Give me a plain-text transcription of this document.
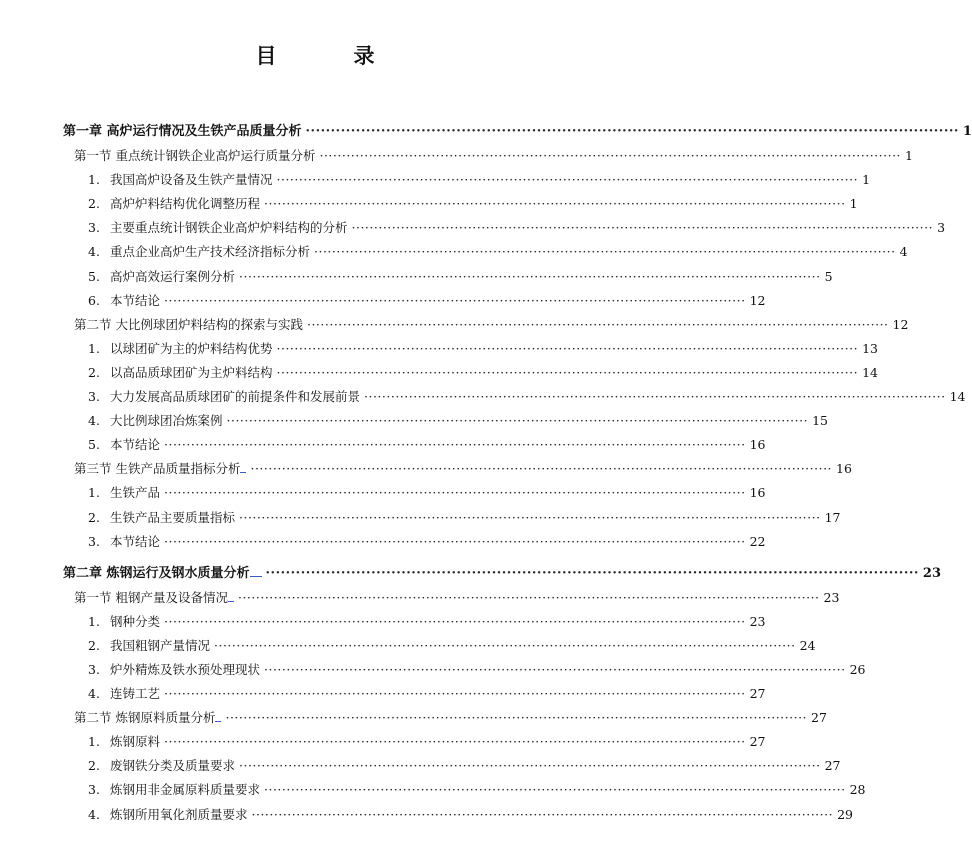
目　录
第一章 高炉运行情况及生铁产品质量分析 ·································································································································· 1
第一节 重点统计钢铁企业高炉运行质量分析 ·································································································································· 1
1. 我国高炉设备及生铁产量情况 ·································································································································· 1
2. 高炉炉料结构优化调整历程 ·································································································································· 1
3. 主要重点统计钢铁企业高炉炉料结构的分析 ·································································································································· 3
4. 重点企业高炉生产技术经济指标分析 ·································································································································· 4
5. 高炉高效运行案例分析 ·································································································································· 5
6. 本节结论 ·································································································································· 12
第二节 大比例球团炉料结构的探索与实践 ·································································································································· 12
1. 以球团矿为主的炉料结构优势 ·································································································································· 13
2. 以高品质球团矿为主炉料结构 ·································································································································· 14
3. 大力发展高品质球团矿的前提条件和发展前景 ·································································································································· 14
4. 大比例球团冶炼案例 ·································································································································· 15
5. 本节结论 ·································································································································· 16
第三节 生铁产品质量指标分析 ·································································································································· 16
1. 生铁产品 ·································································································································· 16
2. 生铁产品主要质量指标 ·································································································································· 17
3. 本节结论 ·································································································································· 22
第二章 炼钢运行及钢水质量分析	·································································································································· 23
第一节 粗钢产量及设备情况 ·································································································································· 23
1. 钢种分类 ·································································································································· 23
2. 我国粗钢产量情况 ·································································································································· 24
3. 炉外精炼及铁水预处理现状 ·································································································································· 26
4. 连铸工艺 ·································································································································· 27
第二节 炼钢原料质量分析 ·································································································································· 27
1. 炼钢原料 ·································································································································· 27
2. 废钢铁分类及质量要求 ·································································································································· 27
3. 炼钢用非金属原料质量要求 ·································································································································· 28
4. 炼钢所用氧化剂质量要求 ·································································································································· 29
